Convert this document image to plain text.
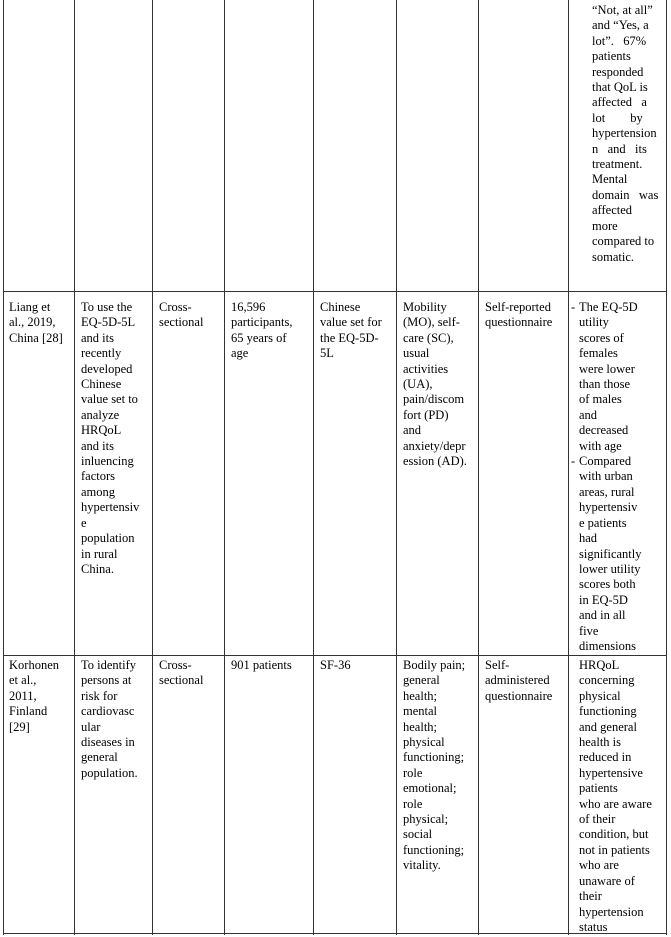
“Not, at all”

and “Yes, a

lot”.   67%

patients

responded

that QoL is

affected   a

lot        by

hypertension

n   and   its

treatment.

Mental

domain   was

affected

more

compared to

somatic.

Liang et

al., 2019,

China [28]

To use the

EQ-5D-5L

and its

recently

developed

Chinese

value set to

analyze

HRQoL

and its

inluencing

factors

among

hypertensiv

e

population

in rural

China.

Cross-

sectional

16,596

participants,

65 years of

age

Chinese

value set for

the EQ-5D-

5L

Mobility

(MO), self-

care (SC),

usual

activities

(UA),

pain/discom

fort (PD)

and

anxiety/depr

ession (AD).

Self-reported

questionnaire

- The EQ-5D

utility

scores of

females

were lower

than those

of males

and

decreased

with age

- Compared

with urban

areas, rural

hypertensiv

e patients

had

significantly

lower utility

scores both

in EQ-5D

and in all

five

dimensions

Korhonen

et al.,

2011,

Finland

[29]

To identify

persons at

risk for

cardiovasc

ular

diseases in

general

population.

Cross-

sectional

901 patients	SF-36	Bodily pain;

general

health;

mental

health;

physical

functioning;

role

emotional;

role

physical;

social

functioning;

vitality.

Self-

administered

questionnaire

HRQoL

concerning

physical

functioning

and general

health is

reduced in

hypertensive

patients

who are aware

of their

condition, but

not in patients

who are

unaware of

their

hypertension

status
